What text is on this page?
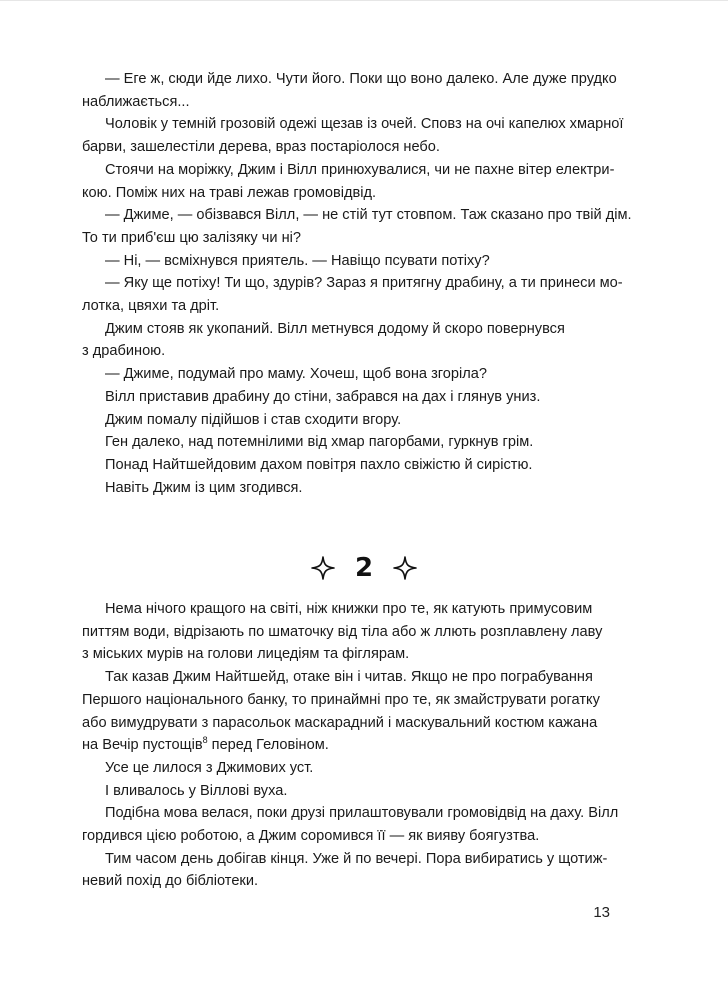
— Еге ж, сюди йде лихо. Чути його. Поки що воно далеко. Але дуже прудко
наближається...
Чоловік у темній грозовій одежі щезав із очей. Сповз на очі капелюх хмарної
барви, зашелестіли дерева, враз постаріолося небо.
Стоячи на моріжку, Джим і Вілл принюхувалися, чи не пахне вітер електри-
кою. Поміж них на траві лежав громовідвід.
— Джиме, — обізвався Вілл, — не стій тут стовпом. Таж сказано про твій дім.
То ти приб'єш цю залізяку чи ні?
— Ні, — всміхнувся приятель. — Навіщо псувати потіху?
— Яку ще потіху! Ти що, здурів? Зараз я притягну драбину, а ти принеси мо-
лотка, цвяхи та дріт.
Джим стояв як укопаний. Вілл метнувся додому й скоро повернувся
з драбиною.
— Джиме, подумай про маму. Хочеш, щоб вона згоріла?
Вілл приставив драбину до стіни, забрався на дах і глянув униз.
Джим помалу підійшов і став сходити вгору.
Ген далеко, над потемнілими від хмар пагорбами, гуркнув грім.
Понад Найтшейдовим дахом повітря пахло свіжістю й сирістю.
Навіть Джим із цим згодився.
2
Нема нічого кращого на світі, ніж книжки про те, як катують примусовим
питтям води, відрізають по шматочку від тіла або ж ллють розплавлену лаву
з міських мурів на голови лицедіям та фіглярам.
Так казав Джим Найтшейд, отаке він і читав. Якщо не про пограбування
Першого національного банку, то принаймні про те, як змайструвати рогатку
або вимудрувати з парасольок маскарадний і маскувальний костюм кажана
на Вечір пустощів$^8$ перед Геловіном.
Усе це лилося з Джимових уст.
І вливалось у Віллові вуха.
Подібна мова велася, поки друзі прилаштовували громовідвід на даху. Вілл
гордився цією роботою, а Джим соромився її — як вияву боягузтва.
Тим часом день добігав кінця. Уже й по вечері. Пора вибиратись у щотиж-
невий похід до бібліотеки.
13
